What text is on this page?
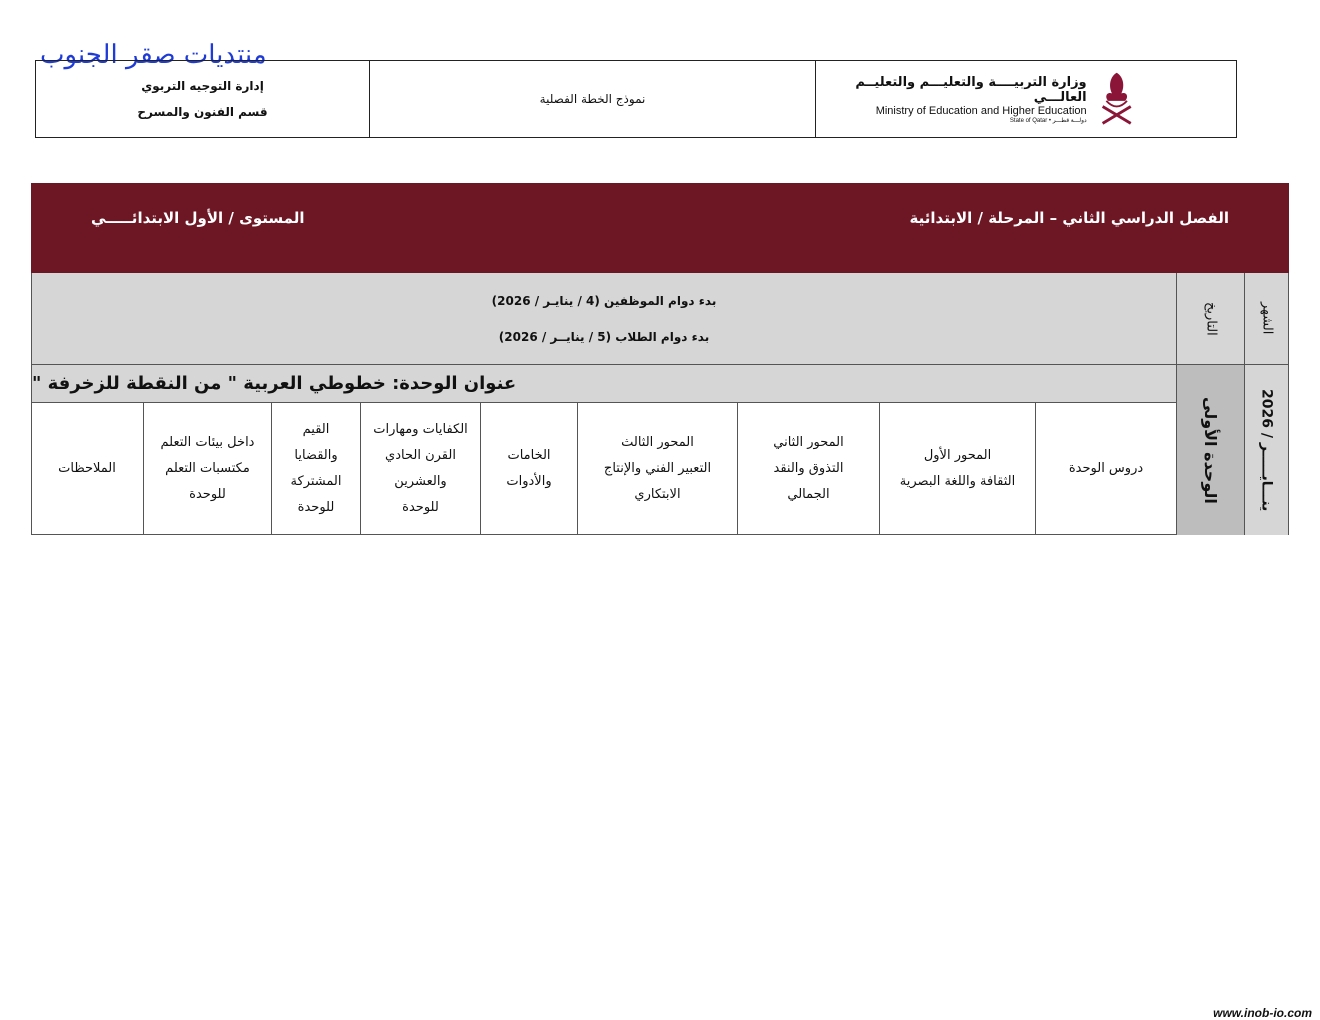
منتديات صقر الجنوب
إدارة التوجيه التربوي
قسم الفنون والمسرح
نموذج الخطة الفصلية
وزارة التربيــــة والتعليـــم والتعليــم العالـــي
Ministry of Education and Higher Education
State of Qatar • دولـــة قطـــر
الفصل الدراسي الثاني – المرحلة / الابتدائية
المستوى / الأول الابتدائـــــي
الشهر
التاريخ
بدء دوام الموظفين (4 / ينايـر / 2026)
بدء دوام الطلاب (5 / ينايــر / 2026)
ينـــايـــــر / 2026
الوحدة الأولى
عنوان الوحدة: خطوطي العربية " من النقطة للزخرفة "
دروس الوحدة
المحور الأول
الثقافة واللغة البصرية
المحور الثاني
التذوق والنقد
الجمالي
المحور الثالث
التعبير الفني والإنتاج
الابتكاري
الخامات
والأدوات
الكفايات ومهارات
القرن الحادي
والعشرين
للوحدة
القيم
والقضايا
المشتركة
للوحدة
داخل بيئات التعلم
مكتسبات التعلم
للوحدة
الملاحظات
www.inob-io.com
